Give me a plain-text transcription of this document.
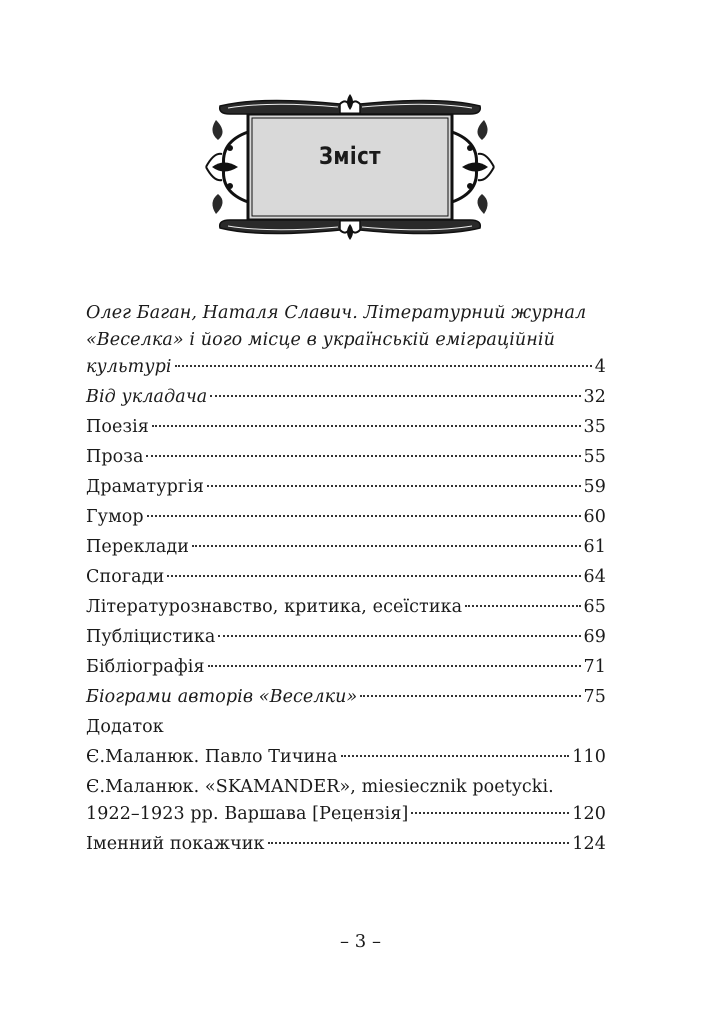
Зміст
Олег Баган, Наталя Славич. Літературний журнал
«Веселка» і його місце в українській еміграційній
культурі	4
Від укладача	32
Поезія	35
Проза	55
Драматургія	59
Гумор	60
Переклади	61
Спогади	64
Літературознавство, критика, есеїстика	65
Публіцистика	69
Бібліографія	71
Біограми авторів «Веселки»	75
Додаток
Є.Маланюк. Павло Тичина	110
Є.Маланюк. «SKAMANDER», miesiecznik poetycki.
1922–1923 рр. Варшава [Рецензія]	120
Іменний покажчик	124
– 3 –
